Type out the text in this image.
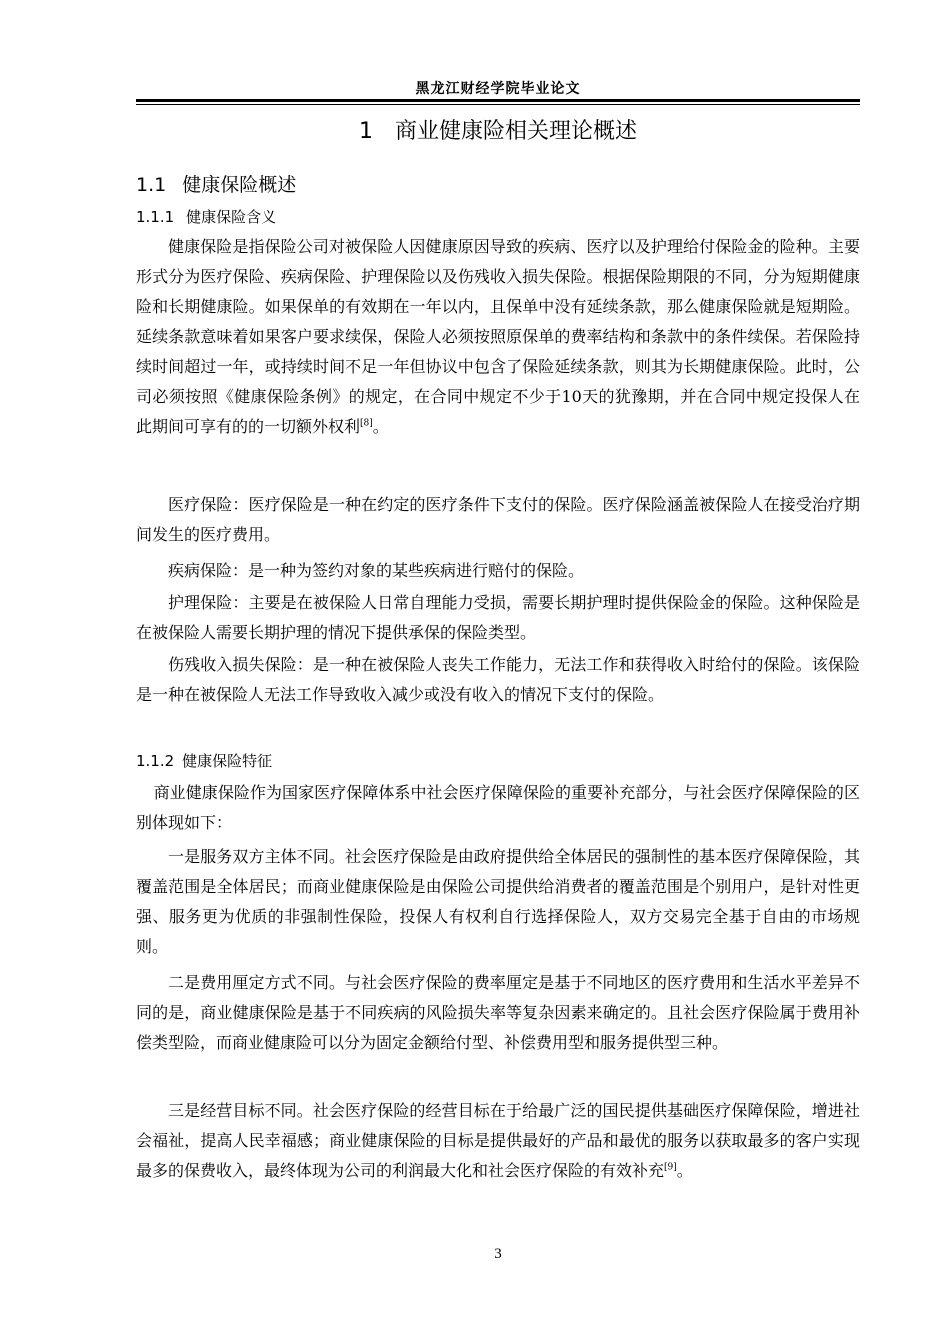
黑龙江财经学院毕业论文
1 商业健康险相关理论概述
1.1 健康保险概述
1.1.1 健康保险含义

健康保险是指保险公司对被保险人因健康原因导致的疾病、医疗以及护理给付保险金的险种。主要形式分为医疗保险、疾病保险、护理保险以及伤残收入损失保险。根据保险期限的不同，分为短期健康险和长期健康险。如果保单的有效期在一年以内，且保单中没有延续条款，那么健康保险就是短期险。延续条款意味着如果客户要求续保，保险人必须按照原保单的费率结构和条款中的条件续保。若保险持续时间超过一年，或持续时间不足一年但协议中包含了保险延续条款，则其为长期健康保险。此时，公司必须按照《健康保险条例》的规定，在合同中规定不少于10天的犹豫期，并在合同中规定投保人在此期间可享有的的一切额外权利[8]。

医疗保险：医疗保险是一种在约定的医疗条件下支付的保险。医疗保险涵盖被保险人在接受治疗期间发生的医疗费用。

疾病保险：是一种为签约对象的某些疾病进行赔付的保险。

护理保险：主要是在被保险人日常自理能力受损，需要长期护理时提供保险金的保险。这种保险是在被保险人需要长期护理的情况下提供承保的保险类型。

伤残收入损失保险：是一种在被保险人丧失工作能力，无法工作和获得收入时给付的保险。该保险是一种在被保险人无法工作导致收入减少或没有收入的情况下支付的保险。

1.1.2 健康保险特征

商业健康保险作为国家医疗保障体系中社会医疗保障保险的重要补充部分，与社会医疗保障保险的区别体现如下：

一是服务双方主体不同。社会医疗保险是由政府提供给全体居民的强制性的基本医疗保障保险，其覆盖范围是全体居民；而商业健康保险是由保险公司提供给消费者的覆盖范围是个别用户，是针对性更强、服务更为优质的非强制性保险，投保人有权利自行选择保险人，双方交易完全基于自由的市场规则。

二是费用厘定方式不同。与社会医疗保险的费率厘定是基于不同地区的医疗费用和生活水平差异不同的是，商业健康保险是基于不同疾病的风险损失率等复杂因素来确定的。且社会医疗保险属于费用补偿类型险，而商业健康险可以分为固定金额给付型、补偿费用型和服务提供型三种。

三是经营目标不同。社会医疗保险的经营目标在于给最广泛的国民提供基础医疗保障保险，增进社会福祉，提高人民幸福感；商业健康保险的目标是提供最好的产品和最优的服务以获取最多的客户实现最多的保费收入，最终体现为公司的利润最大化和社会医疗保险的有效补充[9]。

3
